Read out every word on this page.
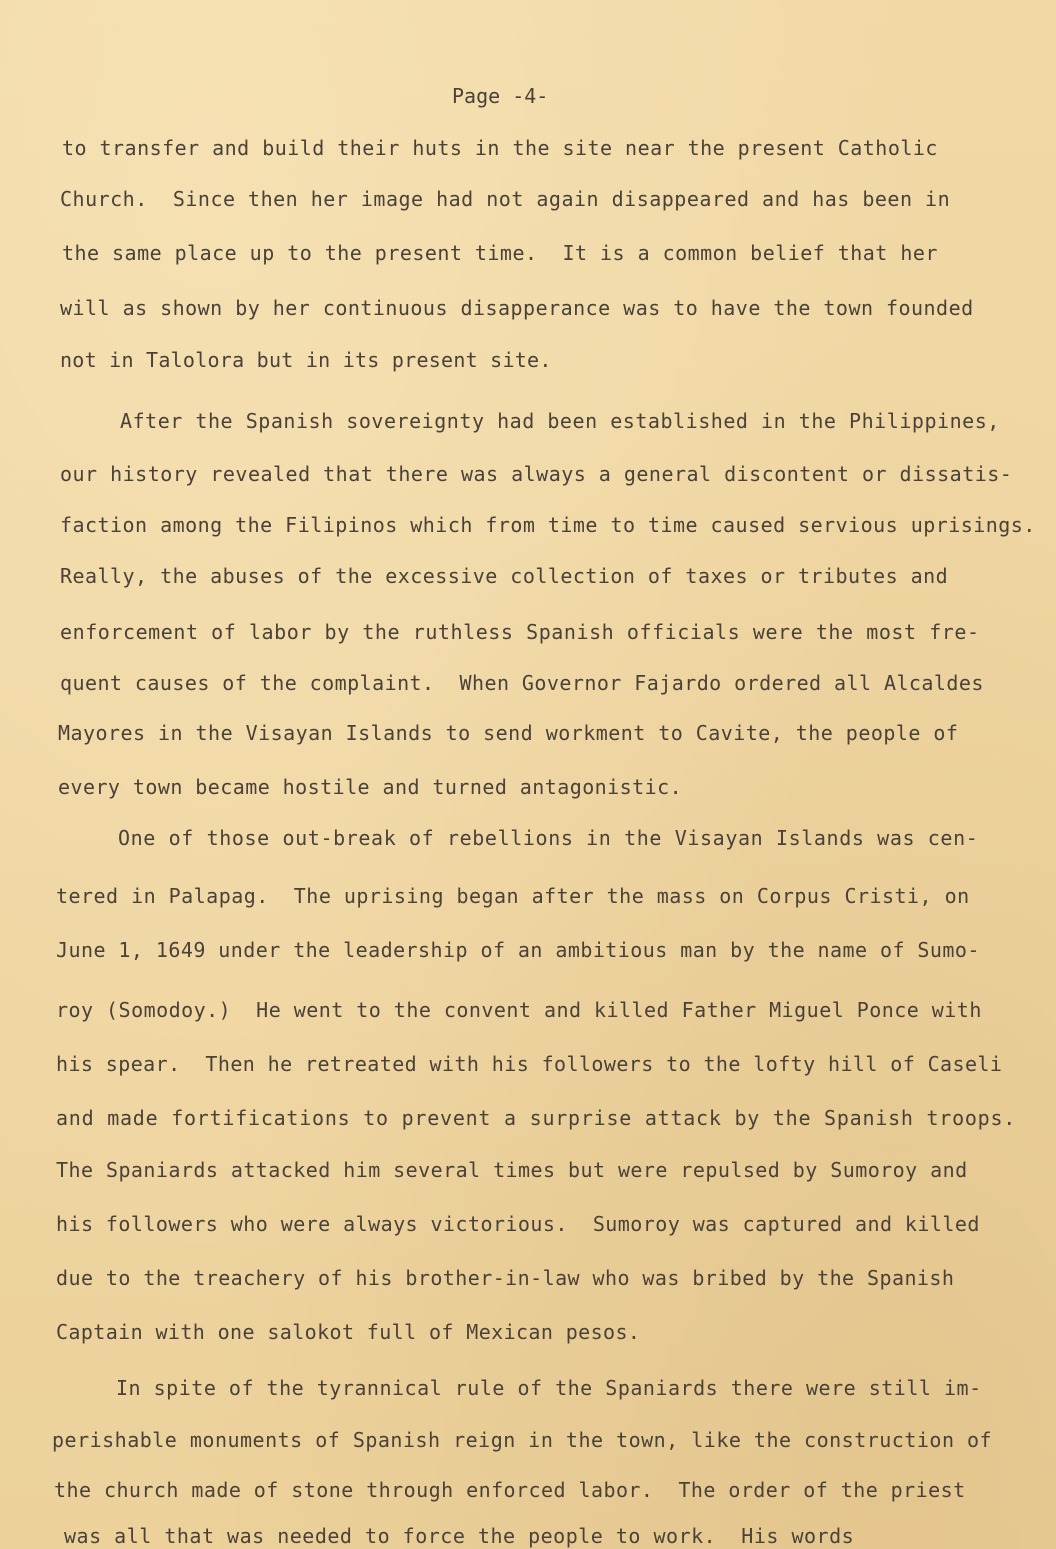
Page -4-
to transfer and build their huts in the site near the present Catholic
Church.  Since then her image had not again disappeared and has been in
the same place up to the present time.  It is a common belief that her
will as shown by her continuous disapperance was to have the town founded
not in Talolora but in its present site.
After the Spanish sovereignty had been established in the Philippines,
our history revealed that there was always a general discontent or dissatis-
faction among the Filipinos which from time to time caused servious uprisings.
Really, the abuses of the excessive collection of taxes or tributes and
enforcement of labor by the ruthless Spanish officials were the most fre-
quent causes of the complaint.  When Governor Fajardo ordered all Alcaldes
Mayores in the Visayan Islands to send workment to Cavite, the people of
every town became hostile and turned antagonistic.
One of those out-break of rebellions in the Visayan Islands was cen-
tered in Palapag.  The uprising began after the mass on Corpus Cristi, on
June 1, 1649 under the leadership of an ambitious man by the name of Sumo-
roy (Somodoy.)  He went to the convent and killed Father Miguel Ponce with
his spear.  Then he retreated with his followers to the lofty hill of Caseli
and made fortifications to prevent a surprise attack by the Spanish troops.
The Spaniards attacked him several times but were repulsed by Sumoroy and
his followers who were always victorious.  Sumoroy was captured and killed
due to the treachery of his brother-in-law who was bribed by the Spanish
Captain with one salokot full of Mexican pesos.
In spite of the tyrannical rule of the Spaniards there were still im-
perishable monuments of Spanish reign in the town, like the construction of
the church made of stone through enforced labor.  The order of the priest
was all that was needed to force the people to work.  His words
